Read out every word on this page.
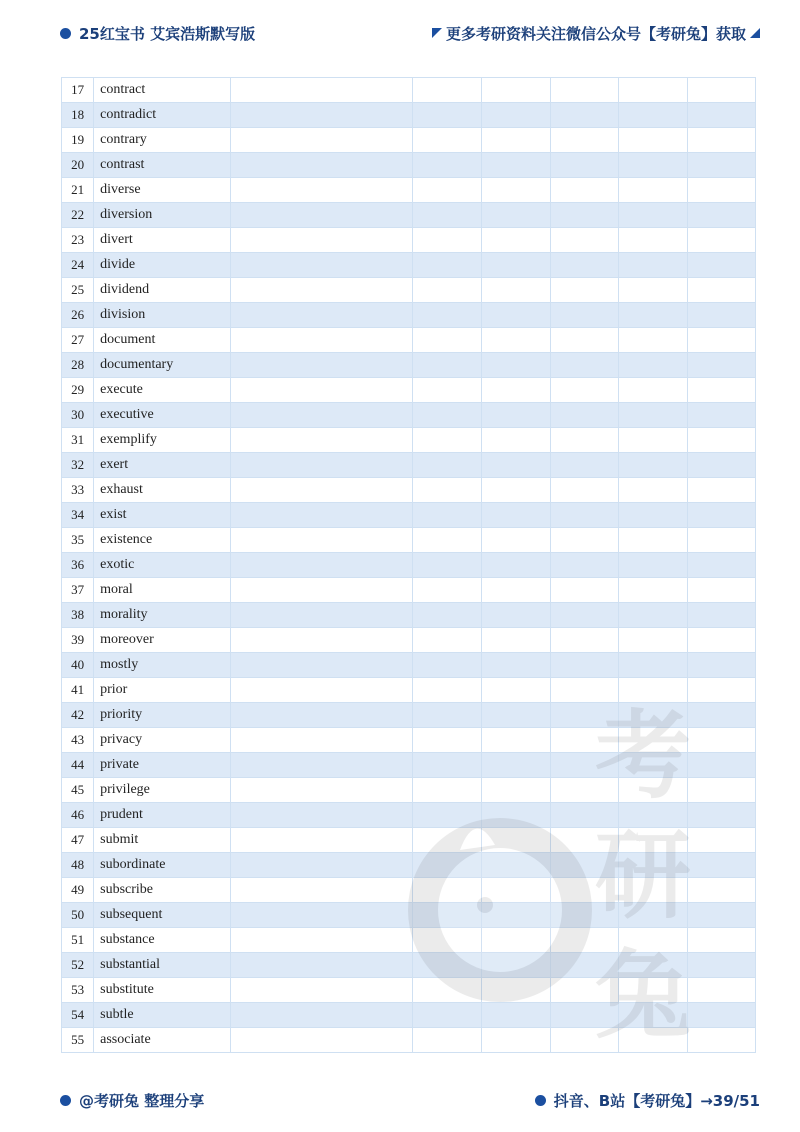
25红宝书 艾宾浩斯默写版	更多考研资料关注微信公众号【考研兔】获取
17	contract						
18	contradict						
19	contrary						
20	contrast						
21	diverse						
22	diversion						
23	divert						
24	divide						
25	dividend						
26	division						
27	document						
28	documentary						
29	execute						
30	executive						
31	exemplify						
32	exert						
33	exhaust						
34	exist						
35	existence						
36	exotic						
37	moral						
38	morality						
39	moreover						
40	mostly						
41	prior						
42	priority						
43	privacy						
44	private						
45	privilege						
46	prudent						
47	submit						
48	subordinate						
49	subscribe						
50	subsequent						
51	substance						
52	substantial						
53	substitute						
54	subtle						
55	associate							兔
@考研兔 整理分享	抖音、B站【考研兔】→39/51
